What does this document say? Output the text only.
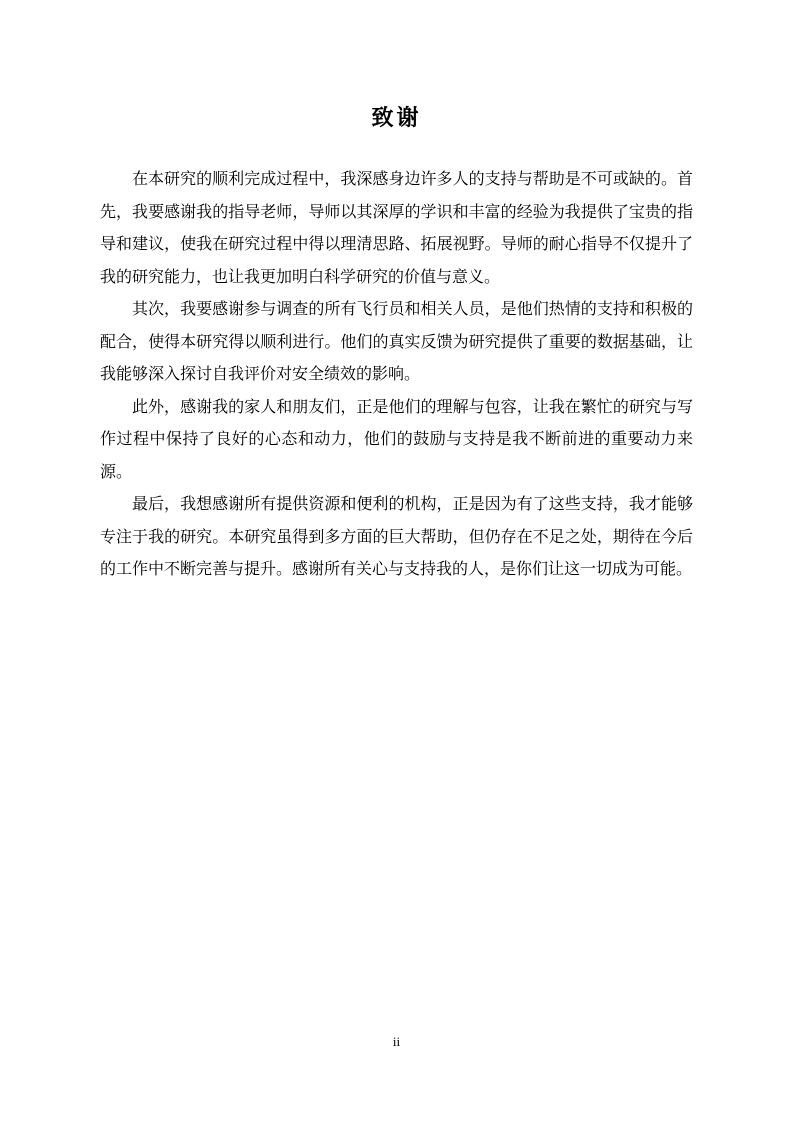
致谢

在本研究的顺利完成过程中，我深感身边许多人的支持与帮助是不可或缺的。首先，我要感谢我的指导老师，导师以其深厚的学识和丰富的经验为我提供了宝贵的指导和建议，使我在研究过程中得以理清思路、拓展视野。导师的耐心指导不仅提升了我的研究能力，也让我更加明白科学研究的价值与意义。

其次，我要感谢参与调查的所有飞行员和相关人员，是他们热情的支持和积极的配合，使得本研究得以顺利进行。他们的真实反馈为研究提供了重要的数据基础，让我能够深入探讨自我评价对安全绩效的影响。

此外，感谢我的家人和朋友们，正是他们的理解与包容，让我在繁忙的研究与写作过程中保持了良好的心态和动力，他们的鼓励与支持是我不断前进的重要动力来源。

最后，我想感谢所有提供资源和便利的机构，正是因为有了这些支持，我才能够专注于我的研究。本研究虽得到多方面的巨大帮助，但仍存在不足之处，期待在今后的工作中不断完善与提升。感谢所有关心与支持我的人，是你们让这一切成为可能。

ii
